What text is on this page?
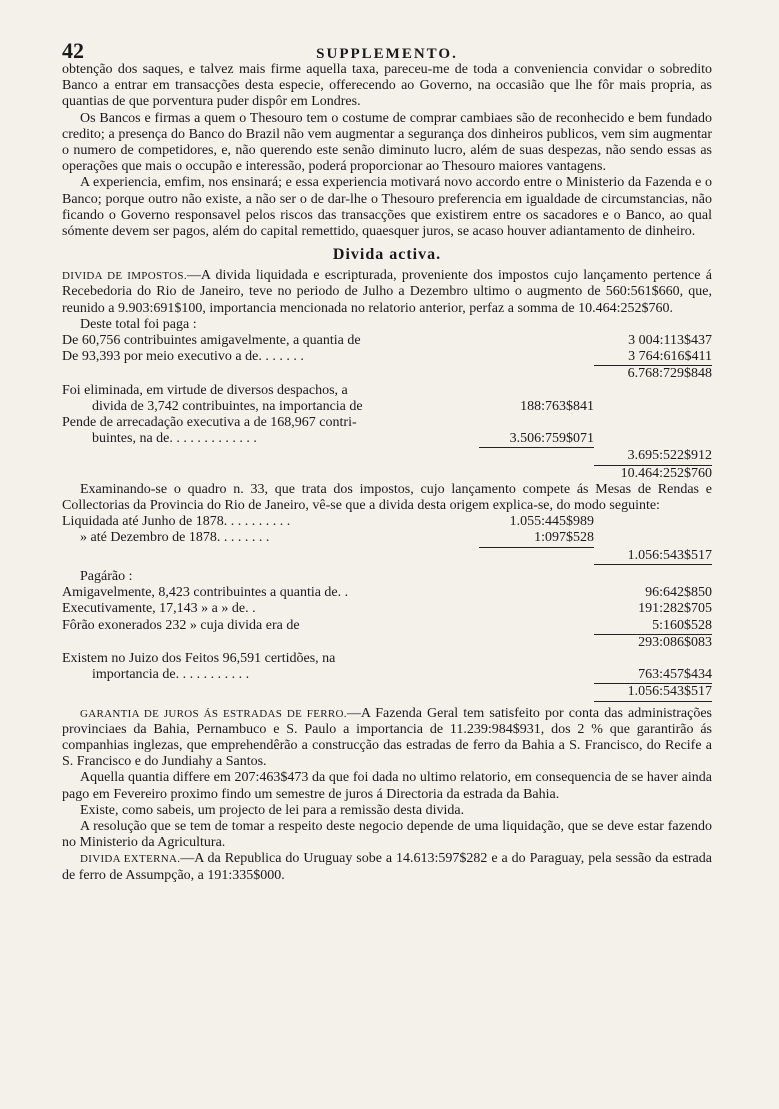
42	SUPPLEMENTO.

obtenção dos saques, e talvez mais firme aquella taxa, pareceu-me de toda a conveniencia convidar o sobredito Banco a entrar em transacções desta especie, offerecendo ao Governo, na occasião que lhe fôr mais propria, as quantias de que porventura puder dispôr em Londres.

Os Bancos e firmas a quem o Thesouro tem o costume de comprar cambiaes são de reconhecido e bem fundado credito; a presença do Banco do Brazil não vem augmentar a segurança dos dinheiros publicos, vem sim augmentar o numero de competidores, e, não querendo este senão diminuto lucro, além de suas despezas, não sendo essas as operações que mais o occupão e interessão, poderá proporcionar ao Thesouro maiores vantagens.

A experiencia, emfim, nos ensinará; e essa experiencia motivará novo accordo entre o Ministerio da Fazenda e o Banco; porque outro não existe, a não ser o de dar-lhe o Thesouro preferencia em igualdade de circumstancias, não ficando o Governo responsavel pelos riscos das transacções que existirem entre os sacadores e o Banco, ao qual sómente devem ser pagos, além do capital remettido, quaesquer juros, se acaso houver adiantamento de dinheiro.

Divida activa.

DIVIDA DE IMPOSTOS.—A divida liquidada e escripturada, proveniente dos impostos cujo lançamento pertence á Recebedoria do Rio de Janeiro, teve no periodo de Julho a Dezembro ultimo o augmento de 560:561$660, que, reunido a 9.903:691$100, importancia mencionada no relatorio anterior, perfaz a somma de 10.464:252$760.

Deste total foi paga :

De 60,756 contribuintes amigavelmente, a quantia de	3 004:113$437
De 93,393 por meio executivo a de. . . . . . .	3 764:616$411
6.768:729$848
Foi eliminada, em virtude de diversos despachos, a
divida de 3,742 contribuintes, na importancia de	188:763$841
Pende de arrecadação executiva a de 168,967 contri-
buintes, na de. . . . . . . . . . . . .	3.506:759$071
3.695:522$912
10.464:252$760

Examinando-se o quadro n. 33, que trata dos impostos, cujo lançamento compete ás Mesas de Rendas e Collectorias da Provincia do Rio de Janeiro, vê-se que a divida desta origem explica-se, do modo seguinte:

Liquidada até Junho de 1878. . . . . . . . . .	1.055:445$989
» até Dezembro de 1878. . . . . . . .	1:097$528
1.056:543$517
Pagárão :
Amigavelmente, 8,423 contribuintes a quantia de. .	96:642$850
Executivamente, 17,143 » a » de. .	191:282$705
Fôrão exonerados 232 » cuja divida era de	5:160$528
293:086$083
Existem no Juizo dos Feitos 96,591 certidões, na
importancia de. . . . . . . . . . .	763:457$434
1.056:543$517

GARANTIA DE JUROS ÁS ESTRADAS DE FERRO.—A Fazenda Geral tem satisfeito por conta das administrações provinciaes da Bahia, Pernambuco e S. Paulo a importancia de 11.239:984$931, dos 2 % que garantirão ás companhias inglezas, que emprehendêrão a construcção das estradas de ferro da Bahia a S. Francisco, do Recife a S. Francisco e do Jundiahy a Santos.

Aquella quantia differe em 207:463$473 da que foi dada no ultimo relatorio, em consequencia de se haver ainda pago em Fevereiro proximo findo um semestre de juros á Directoria da estrada da Bahia.

Existe, como sabeis, um projecto de lei para a remissão desta divida.

A resolução que se tem de tomar a respeito deste negocio depende de uma liquidação, que se deve estar fazendo no Ministerio da Agricultura.

DIVIDA EXTERNA.—A da Republica do Uruguay sobe a 14.613:597$282 e a do Paraguay, pela sessão da estrada de ferro de Assumpção, a 191:335$000.
